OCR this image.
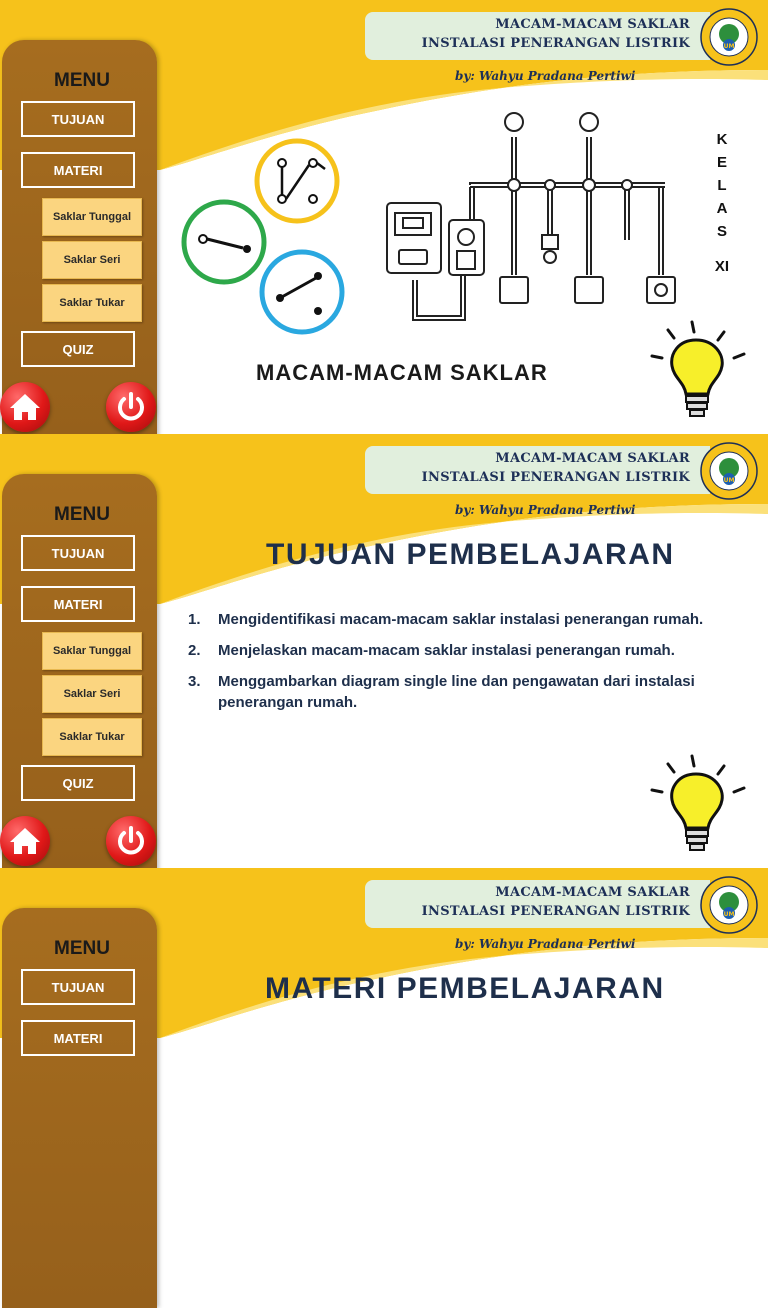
MACAM-MACAM SAKLAR
INSTALASI PENERANGAN LISTRIK	UM
by: Wahyu Pradana Pertiwi
MENU
TUJUAN
MATERI
Saklar Tunggal
Saklar Seri
Saklar Tukar
QUIZ
MACAM-MACAM SAKLAR
K
E
L
A
S
XI
MACAM-MACAM SAKLAR
INSTALASI PENERANGAN LISTRIK	UM
by: Wahyu Pradana Pertiwi
MENU
TUJUAN
MATERI
Saklar Tunggal
Saklar Seri
Saklar Tukar
QUIZ
TUJUAN PEMBELAJARAN
1. Mengidentifikasi macam-macam saklar instalasi penerangan rumah.
2. Menjelaskan macam-macam saklar instalasi penerangan rumah.
3. Menggambarkan diagram single line dan pengawatan dari instalasi penerangan rumah.
MACAM-MACAM SAKLAR
INSTALASI PENERANGAN LISTRIK	UM
by: Wahyu Pradana Pertiwi
MENU
TUJUAN
MATERI
MATERI PEMBELAJARAN
